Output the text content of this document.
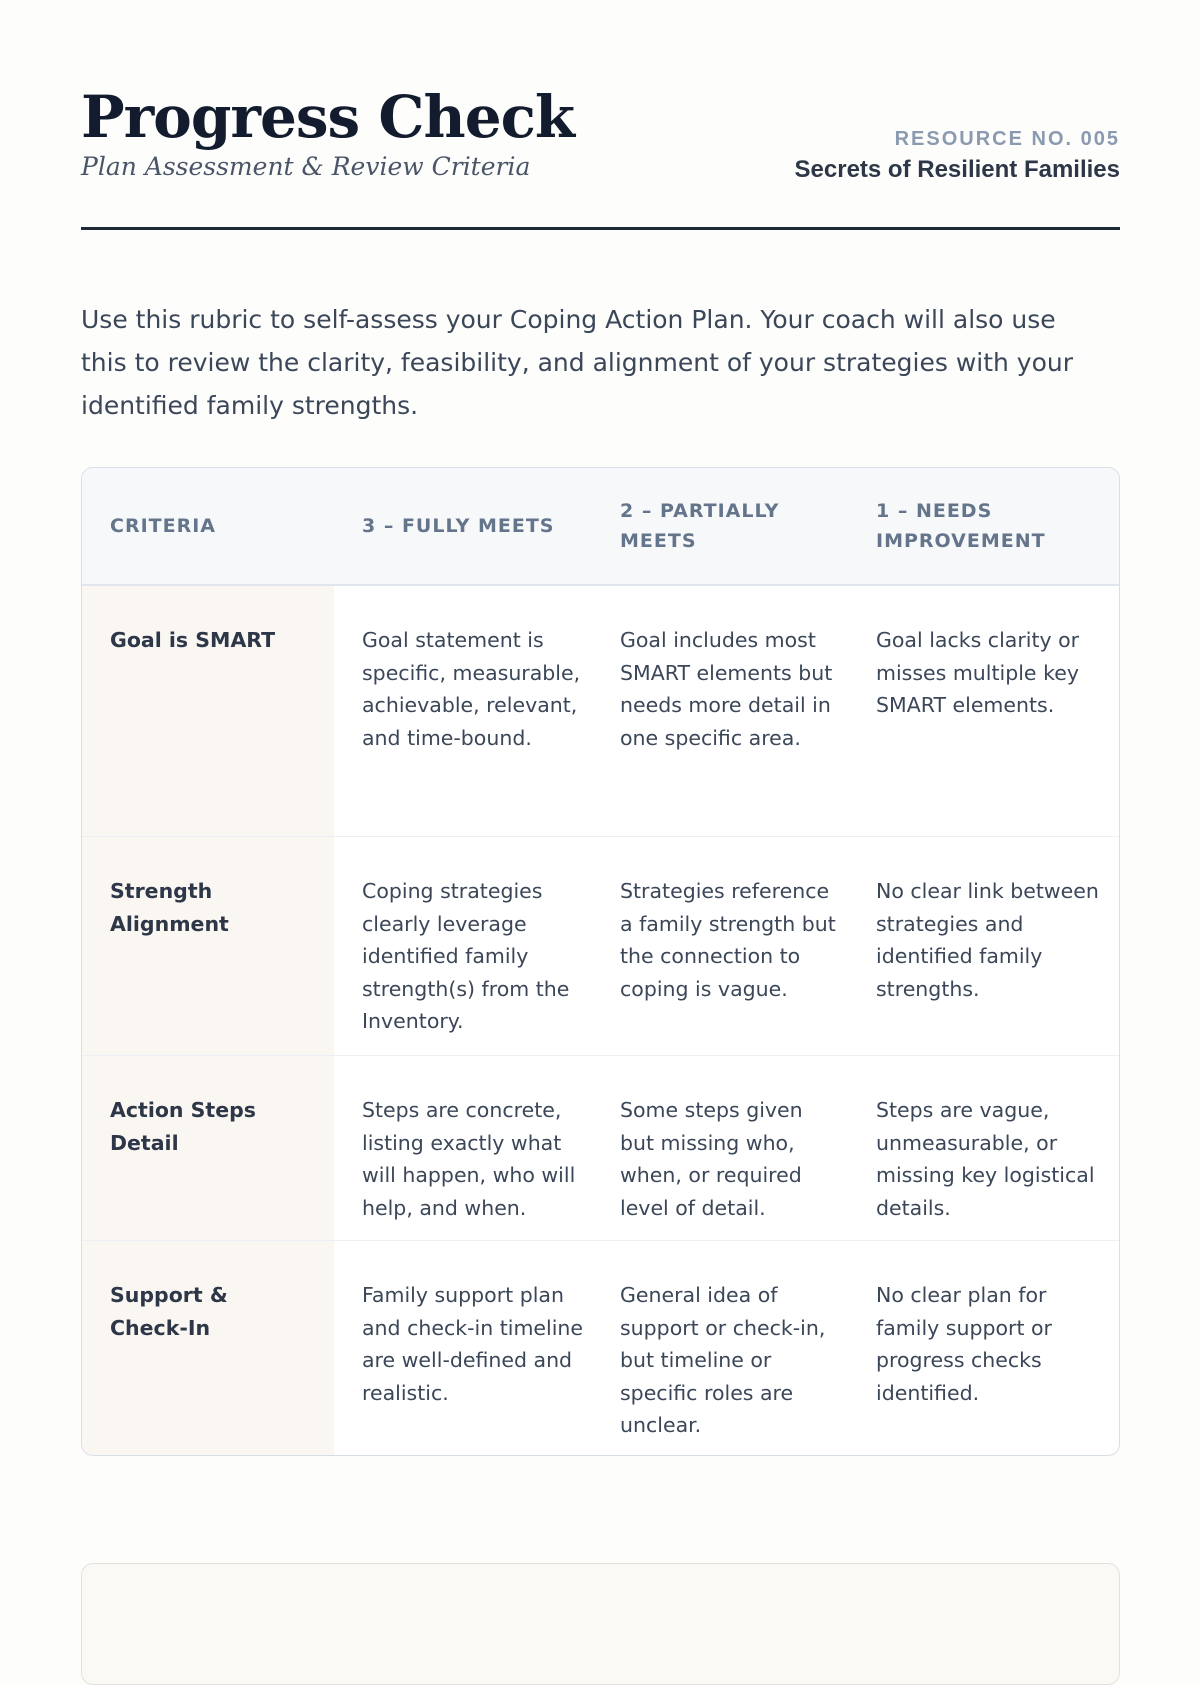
Progress Check
Plan Assessment & Review Criteria
RESOURCE NO. 005
Secrets of Resilient Families

Use this rubric to self-assess your Coping Action Plan. Your coach will also use this to review the clarity, feasibility, and alignment of your strategies with your identified family strengths.

CRITERIA	3 – FULLY MEETS
2 – PARTIALLY MEETS
1 – NEEDS IMPROVEMENT
Goal is SMART	Goal statement is specific, measurable, achievable, relevant, and time-bound.
Goal includes most SMART elements but needs more detail in one specific area.
Goal lacks clarity or misses multiple key SMART elements.
Strength Alignment
Coping strategies clearly leverage identified family strength(s) from the Inventory.
Strategies reference a family strength but the connection to coping is vague.
No clear link between strategies and identified family strengths.
Action Steps Detail
Steps are concrete, listing exactly what will happen, who will help, and when.
Some steps given but missing who, when, or required level of detail.
Steps are vague, unmeasurable, or missing key logistical details.
Support & Check-In
Family support plan and check-in timeline are well-defined and realistic.
General idea of support or check-in, but timeline or specific roles are unclear.
No clear plan for family support or progress checks identified.
